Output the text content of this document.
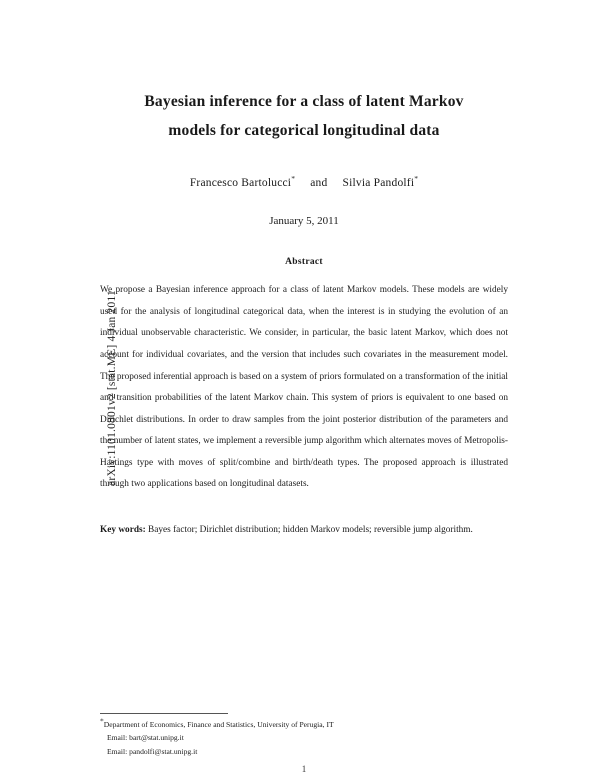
arXiv:1101.0801v2 [stat.ME] 4 Jan 2011
Bayesian inference for a class of latent Markov
models for categorical longitudinal data
Francesco Bartolucci* and Silvia Pandolfi*
January 5, 2011
Abstract
We propose a Bayesian inference approach for a class of latent Markov models. These models are widely used for the analysis of longitudinal categorical data, when the interest is in studying the evolution of an individual unobservable characteristic. We consider, in particular, the basic latent Markov, which does not account for individual covariates, and the version that includes such covariates in the measurement model. The proposed inferential approach is based on a system of priors formulated on a transformation of the initial and transition probabilities of the latent Markov chain. This system of priors is equivalent to one based on Dirichlet distributions. In order to draw samples from the joint posterior distribution of the parameters and the number of latent states, we implement a reversible jump algorithm which alternates moves of Metropolis-Hastings type with moves of split/combine and birth/death types. The proposed approach is illustrated through two applications based on longitudinal datasets.
Key words: Bayes factor; Dirichlet distribution; hidden Markov models; reversible jump algorithm.
*Department of Economics, Finance and Statistics, University of Perugia, IT
Email: bart@stat.unipg.it
Email: pandolfi@stat.unipg.it
1
